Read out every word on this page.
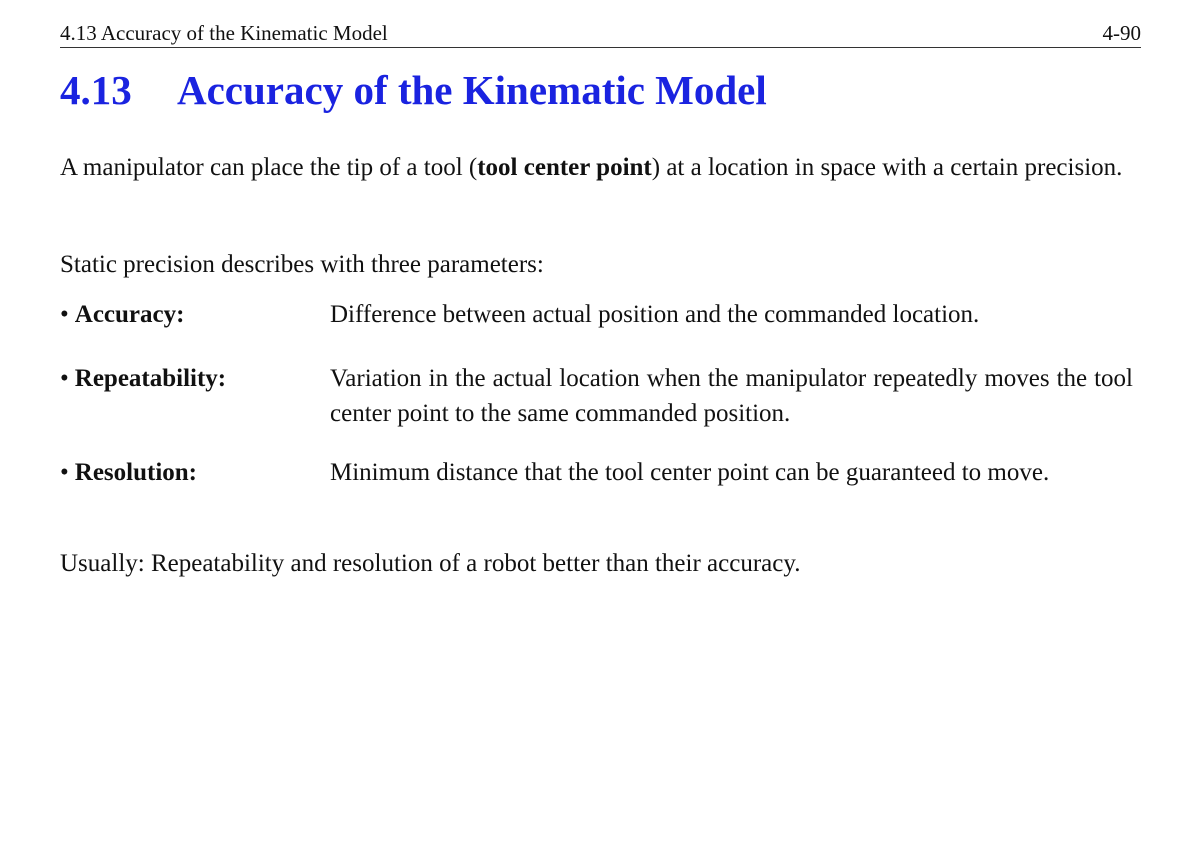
4.13 Accuracy of the Kinematic Model	4-90
4.13 Accuracy of the Kinematic Model

A manipulator can place the tip of a tool (tool center point) at a location in space with a certain precision.

Static precision describes with three parameters:

• Accuracy:	Difference between actual position and the commanded location.
• Repeatability:	Variation in the actual location when the manipulator repeatedly moves the tool center point to the same commanded position.
• Resolution:	Minimum distance that the tool center point can be guaranteed to move.

Usually: Repeatability and resolution of a robot better than their accuracy.
